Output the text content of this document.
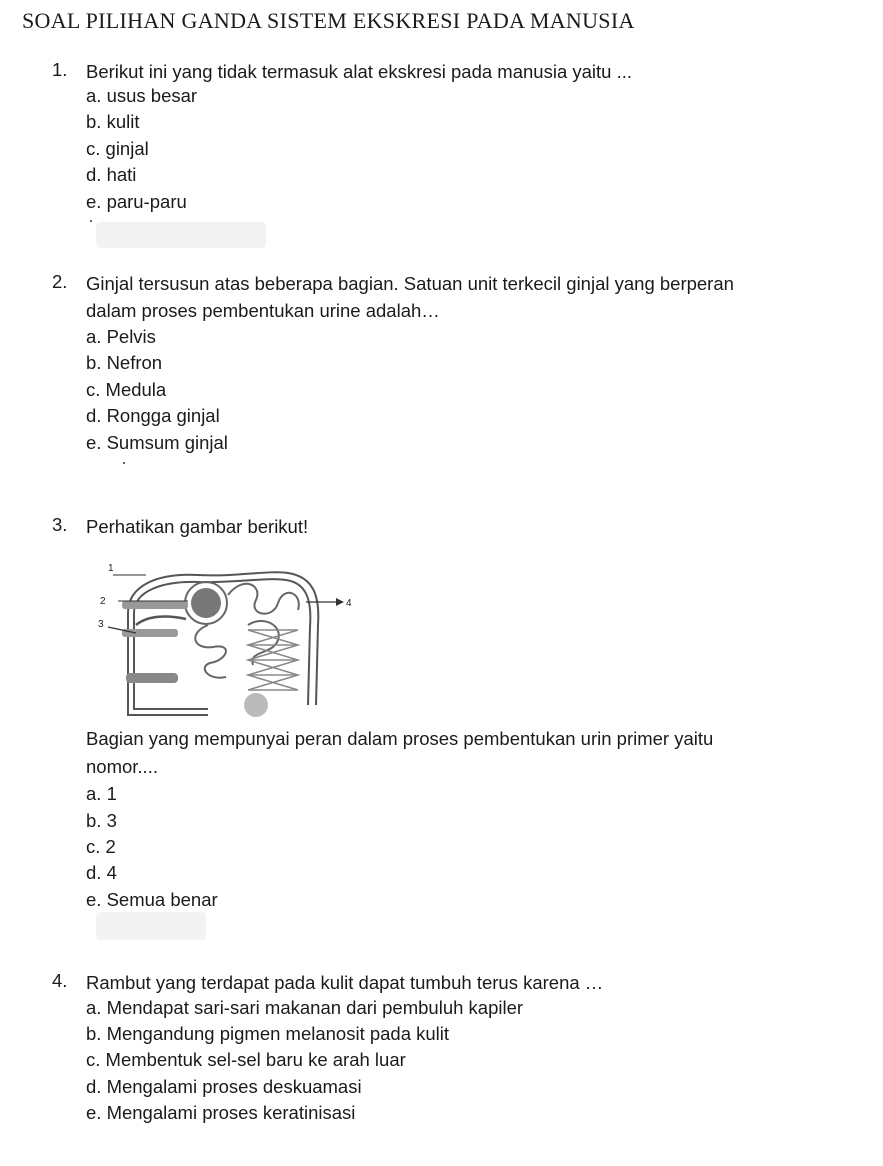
SOAL PILIHAN GANDA SISTEM EKSKRESI PADA MANUSIA
1. Berikut ini yang tidak termasuk alat ekskresi pada manusia yaitu ...
a. usus besar
b. kulit
c. ginjal
d. hati
e. paru-paru
2. Ginjal tersusun atas beberapa bagian. Satuan unit terkecil ginjal yang berperan
dalam proses pembentukan urine adalah…
a. Pelvis
b. Nefron
c. Medula
d. Rongga ginjal
e. Sumsum ginjal
3. Perhatikan gambar berikut!
1
2
3
4
Bagian yang mempunyai peran dalam proses pembentukan urin primer yaitu
nomor....
a. 1
b. 3
c. 2
d. 4
e. Semua benar
4. Rambut yang terdapat pada kulit dapat tumbuh terus karena …
a. Mendapat sari-sari makanan dari pembuluh kapiler
b. Mengandung pigmen melanosit pada kulit
c. Membentuk sel-sel baru ke arah luar
d. Mengalami proses deskuamasi
e. Mengalami proses keratinisasi
